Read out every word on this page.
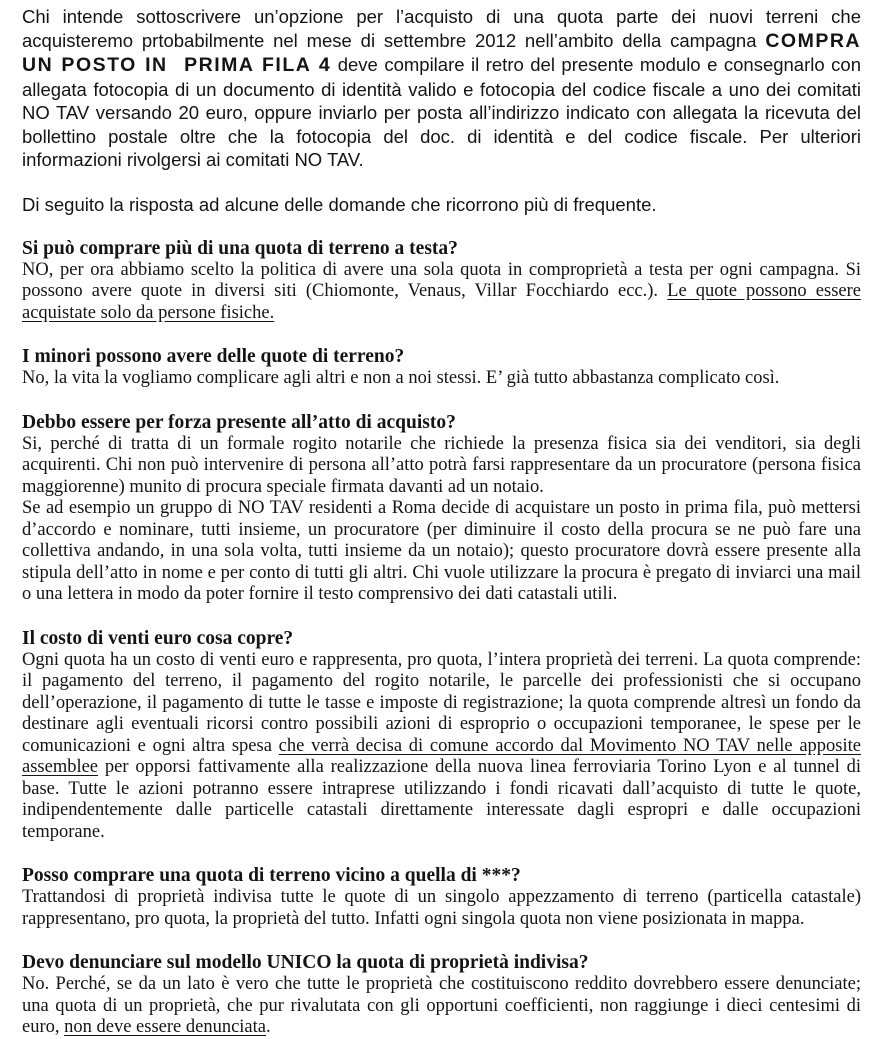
Chi intende sottoscrivere un’opzione per l’acquisto di una quota parte dei nuovi terreni che acquisteremo prtobabilmente nel mese di settembre 2012 nell’ambito della campagna COMPRA UN POSTO IN  PRIMA FILA 4 deve compilare il retro del presente modulo e consegnarlo con allegata fotocopia di un documento di identità valido e fotocopia del codice fiscale a uno dei comitati NO TAV versando 20 euro, oppure inviarlo per posta all’indirizzo indicato con allegata la ricevuta del bollettino postale oltre che la fotocopia del doc. di identità e del codice fiscale. Per ulteriori informazioni rivolgersi ai comitati NO TAV.

Di seguito la risposta ad alcune delle domande che ricorrono più di frequente.

Si può comprare più di una quota di terreno a testa?

NO, per ora abbiamo scelto la politica di avere una sola quota in comproprietà a testa per ogni campagna. Si possono avere quote in diversi siti (Chiomonte, Venaus, Villar Focchiardo ecc.). Le quote possono essere acquistate solo da persone fisiche.

I minori possono avere delle quote di terreno?

No, la vita la vogliamo complicare agli altri e non a noi stessi. E’ già tutto abbastanza complicato così.

Debbo essere per forza presente all’atto di acquisto?

Si, perché di tratta di un formale rogito notarile che richiede la presenza fisica sia dei venditori, sia degli acquirenti. Chi non può intervenire di persona all’atto potrà farsi rappresentare da un procuratore (persona fisica maggiorenne) munito di procura speciale firmata davanti ad un notaio.

Se ad esempio un gruppo di NO TAV residenti a Roma decide di acquistare un posto in prima fila, può mettersi d’accordo e nominare, tutti insieme, un procuratore (per diminuire il costo della procura se ne può fare una collettiva andando, in una sola volta, tutti insieme da un notaio); questo procuratore dovrà essere presente alla stipula dell’atto in nome e per conto di tutti gli altri. Chi vuole utilizzare la procura è pregato di inviarci una mail o una lettera in modo da poter fornire il testo comprensivo dei dati catastali utili.

Il costo di venti euro cosa copre?

Ogni quota ha un costo di venti euro e rappresenta, pro quota, l’intera proprietà dei terreni. La quota comprende: il pagamento del terreno, il pagamento del rogito notarile, le parcelle dei professionisti che si occupano dell’operazione, il pagamento di tutte le tasse e imposte di registrazione; la quota comprende altresì un fondo da destinare agli eventuali ricorsi contro possibili azioni di esproprio o occupazioni temporanee, le spese per le comunicazioni e ogni altra spesa che verrà decisa di comune accordo dal Movimento NO TAV nelle apposite assemblee per opporsi fattivamente alla realizzazione della nuova linea ferroviaria Torino Lyon e al tunnel di base. Tutte le azioni potranno essere intraprese utilizzando i fondi ricavati dall’acquisto di tutte le quote, indipendentemente dalle particelle catastali direttamente interessate dagli espropri e dalle occupazioni temporane.

Posso comprare una quota di terreno vicino a quella di ***?

Trattandosi di proprietà indivisa tutte le quote di un singolo appezzamento di terreno (particella catastale) rappresentano, pro quota, la proprietà del tutto. Infatti ogni singola quota non viene posizionata in mappa.

Devo denunciare sul modello UNICO la quota di proprietà indivisa?

No. Perché, se da un lato è vero che tutte le proprietà che costituiscono reddito dovrebbero essere denunciate; una quota di un proprietà, che pur rivalutata con gli opportuni coefficienti, non raggiunge i dieci centesimi di euro, non deve essere denunciata.
